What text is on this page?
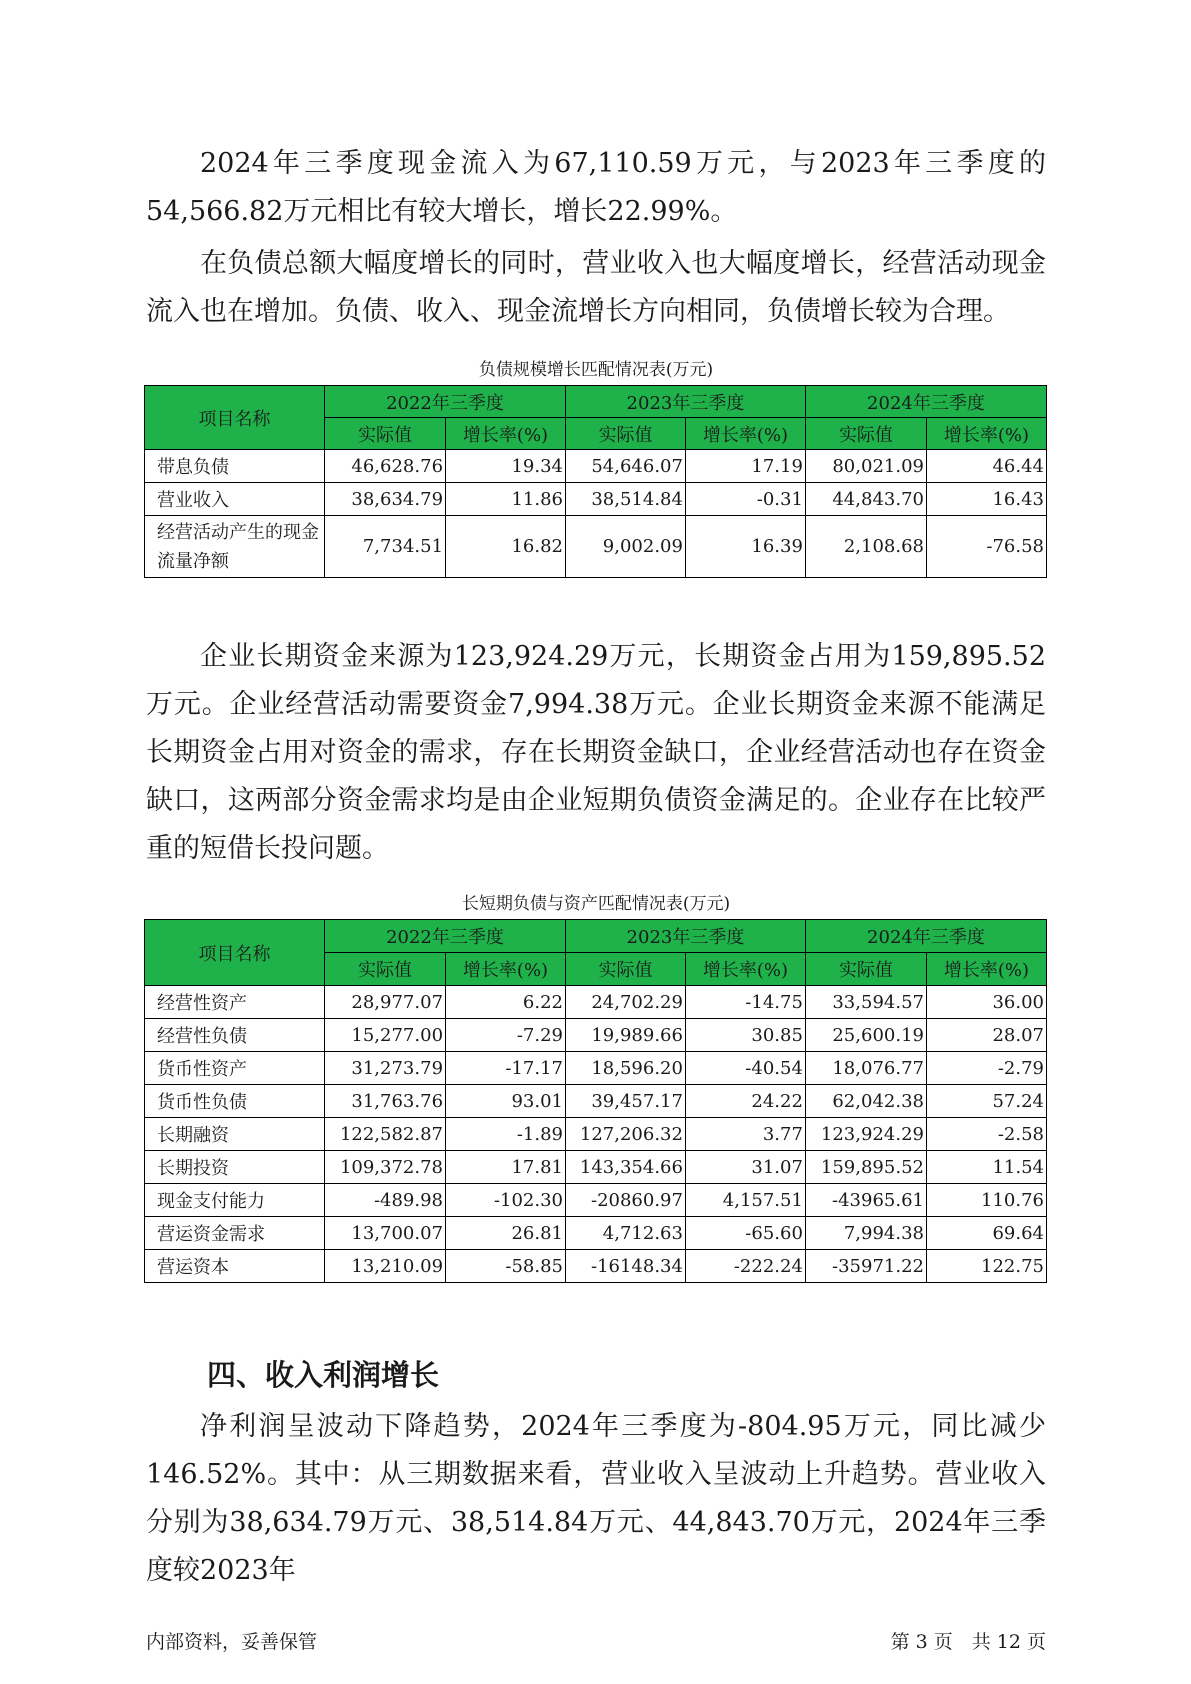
2024年三季度现金流入为67,110.59万元，与2023年三季度的54,566.82万元相比有较大增长，增长22.99%。

在负债总额大幅度增长的同时，营业收入也大幅度增长，经营活动现金流入也在增加。负债、收入、现金流增长方向相同，负债增长较为合理。

负债规模增长匹配情况表(万元)
项目名称	2022年三季度		2023年三季度		2024年三季度	
	实际值	增长率(%)	实际值	增长率(%)	实际值	增长率(%)
带息负债	46,628.76	19.34	54,646.07	17.19	80,021.09	46.44
营业收入	38,634.79	11.86	38,514.84	-0.31	44,843.70	16.43
经营活动产生的现金流量净额	7,734.51	16.82	9,002.09	16.39	2,108.68	-76.58

企业长期资金来源为123,924.29万元，长期资金占用为159,895.52万元。企业经营活动需要资金7,994.38万元。企业长期资金来源不能满足长期资金占用对资金的需求，存在长期资金缺口，企业经营活动也存在资金缺口，这两部分资金需求均是由企业短期负债资金满足的。企业存在比较严重的短借长投问题。

长短期负债与资产匹配情况表(万元)
项目名称	2022年三季度		2023年三季度		2024年三季度	
	实际值	增长率(%)	实际值	增长率(%)	实际值	增长率(%)
经营性资产	28,977.07	6.22	24,702.29	-14.75	33,594.57	36.00
经营性负债	15,277.00	-7.29	19,989.66	30.85	25,600.19	28.07
货币性资产	31,273.79	-17.17	18,596.20	-40.54	18,076.77	-2.79
货币性负债	31,763.76	93.01	39,457.17	24.22	62,042.38	57.24
长期融资	122,582.87	-1.89	127,206.32	3.77	123,924.29	-2.58
长期投资	109,372.78	17.81	143,354.66	31.07	159,895.52	11.54
现金支付能力	-489.98	-102.30	-20860.97	4,157.51	-43965.61	110.76
营运资金需求	13,700.07	26.81	4,712.63	-65.60	7,994.38	69.64
营运资本	13,210.09	-58.85	-16148.34	-222.24	-35971.22	122.75
四、收入利润增长

净利润呈波动下降趋势，2024年三季度为-804.95万元，同比减少146.52%。其中：从三期数据来看，营业收入呈波动上升趋势。营业收入分别为38,634.79万元、38,514.84万元、44,843.70万元，2024年三季度较2023年

内部资料，妥善保管	第 3 页　共 12 页
